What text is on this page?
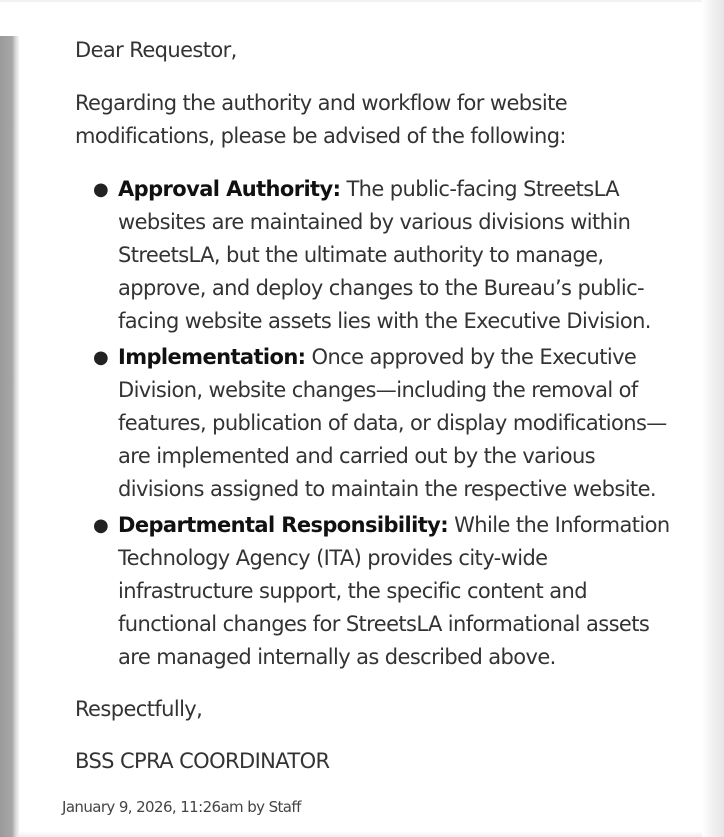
Dear Requestor,

Regarding the authority and workflow for website modifications, please be advised of the following:

● Approval Authority: The public-facing StreetsLA websites are maintained by various divisions within StreetsLA, but the ultimate authority to manage, approve, and deploy changes to the Bureau’s public-facing website assets lies with the Executive Division.
● Implementation: Once approved by the Executive Division, website changes—including the removal of features, publication of data, or display modifications—are implemented and carried out by the various divisions assigned to maintain the respective website.
● Departmental Responsibility: While the Information Technology Agency (ITA) provides city-wide infrastructure support, the specific content and functional changes for StreetsLA informational assets are managed internally as described above.

Respectfully,

BSS CPRA COORDINATOR

January 9, 2026, 11:26am by Staff
